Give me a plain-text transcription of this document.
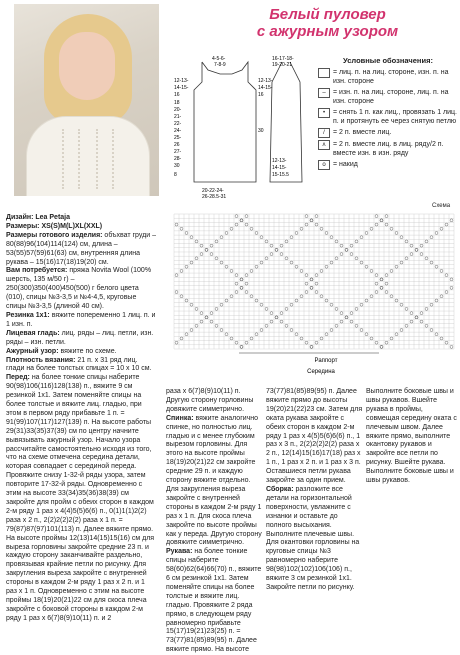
Белый пуловер
с ажурным узором
4-5-6-
7-8-9
16-17-18-
19-20-21
12-13-
14-15-
16
18
20-
21-
22-
24-
25-
26
27-
28-
30
8
20-22-24-
26-28.5-31
12-13-
14-15-
16
30
12-13-
14-15-
15-15.5
Условные обозначения:
= лиц. п. на лиц. стороне, изн. п. на изн. стороне
–	= изн. п. на лиц. стороне, лиц. п. на изн. стороне
•	= снять 1 п. как лиц., провязать 1 лиц. п. и протянуть ее через снятую петлю
/	= 2 п. вместе лиц.
ʌ	= 2 п. вместе лиц. в лиц. ряду/2 п. вместе изн. в изн. ряду
o	= накид
Раппорт
Середина
Схема

Дизайн: Lea Petaja

Размеры: XS(S)M(L)XL(XXL)

Размеры готового изделия: объхват груди – 80(88)96(104)114(124) см, длина – 53(55)57(59)61(63) см, внутренняя длина рукава – 15(16)17(18)19(20) см.

Вам потребуется: пряжа Novita Wool (100% шерсть, 135 м/50 г) – 250(300)350(400)450(500) г белого цвета (010), спицы №3-3,5 и №4-4,5, круговые спицы №3-3,5 (длиной 40 см).

Резинка 1х1: вяжите попеременно 1 лиц. п. и 1 изн. п.

Лицевая гладь: лиц. ряды – лиц. петли, изн. ряды – изн. петли.

Ажурный узор: вяжите по схеме.

Плотность вязания: 21 п. x 31 ряд лиц. глади на более толстых спицах = 10 x 10 см.

Перед: на более тонкие спицы наберите 90(98)106(116)128(138) п., вяжите 9 см резинкой 1х1. Затем поменяйте спицы на более толстые и вяжите лиц. гладью, при этом в первом ряду прибавьте 1 п. = 91(99)107(117)127(139) п. На высоте работы 29(31)33(35)37(39) см по центру начните вывязывать ажурный узор. Начало узора рассчитайте самостоятельно исходя из того, что на схеме отмечена середина детали, которая совпадает с серединой переда. Провяжите снизу 1-32-й ряды узора, затем повторите 17-32-й ряды. Одновременно с этим на высоте 33(34)35(36)38(39) см закройте для пройм с обеих сторон в каждом 2-м ряду 1 раз x 4(4)5(5)6(6) п., 0(1)1(1)2(2) раза x 2 п., 2(2)2(2)2(2) раза x 1 п. = 79(87)87(97)101(113) п. Далее вяжите прямо. На высоте проймы 12(13)14(15)15(16) см для выреза горловины закройте средние 23 п. и каждую сторону заканчивайте раздельно, провязывая крайние петли по рисунку. Для закругления выреза закройте с внутренней стороны в каждом 2-м ряду 1 раз x 2 п. и 1 раз x 1 п. Одновременно с этим на высоте проймы 18(19)20(21)22 см для скоса плеча закройте с боковой стороны в каждом 2-м ряду 1 раз x 6(7)8(9)10(11) п. и 2

раза x 6(7)8(9)10(11) п. Другую сторону горловины довяжите симметрично.

Спинка: вяжите аналогично спинке, но полностью лиц. гладью и с менее глубоким вырезом горловины. Для этого на высоте проймы 18(19)20(21)22 см закройте средние 29 п. и каждую сторону вяжите отдельно. Для закругления выреза закройте с внутренней стороны в каждом 2-м ряду 1 раз x 1 п. Для скоса плеча закройте по высоте проймы как у переда. Другую сторону довяжите симметрично.

Рукава: на более тонкие спицы наберите 58(60)62(64)66(70) п., вяжите 6 см резинкой 1х1. Затем поменяйте спицы на более толстые и вяжите лиц. гладью. Провяжите 2 ряда прямо, в следующем ряду равномерно прибавьте 15(17)19(21)23(25) п. = 73(77)81(85)89(95) п. Далее вяжите прямо. На высоте

73(77)81(85)89(95) п. Далее вяжите прямо до высоты 19(20)21(22)23 см. Затем для оката рукава закройте с обеих сторон в каждом 2-м ряду 1 раз x 4(5)5(6)6(6) п., 1 раз x 3 п., 2(2)2(2)2(2) раза x 2 п., 12(14)15(16)17(18) раз x 1 п., 1 раз x 2 п. и 1 раз x 3 п. Оставшиеся петли рукава закройте за один прием.

Сборка: разложите все детали на горизонтальной поверхности, увлажните с изнанки и оставьте до полного высыхания. Выполните плечевые швы. Для окантовки горловины на круговые спицы №3 равномерно наберите 98(98)102(102)106(106) п., вяжите 3 см резинкой 1х1. Закройте петли по рисунку.

Выполните боковые швы и швы рукавов. Вшейте рукава в проймы, совмещая середину оката с плечевым швом. Далее вяжите прямо, выполните окантовку рукавов и закройте все петли по рисунку. Вшейте рукава. Выполните боковые швы и швы рукавов.
